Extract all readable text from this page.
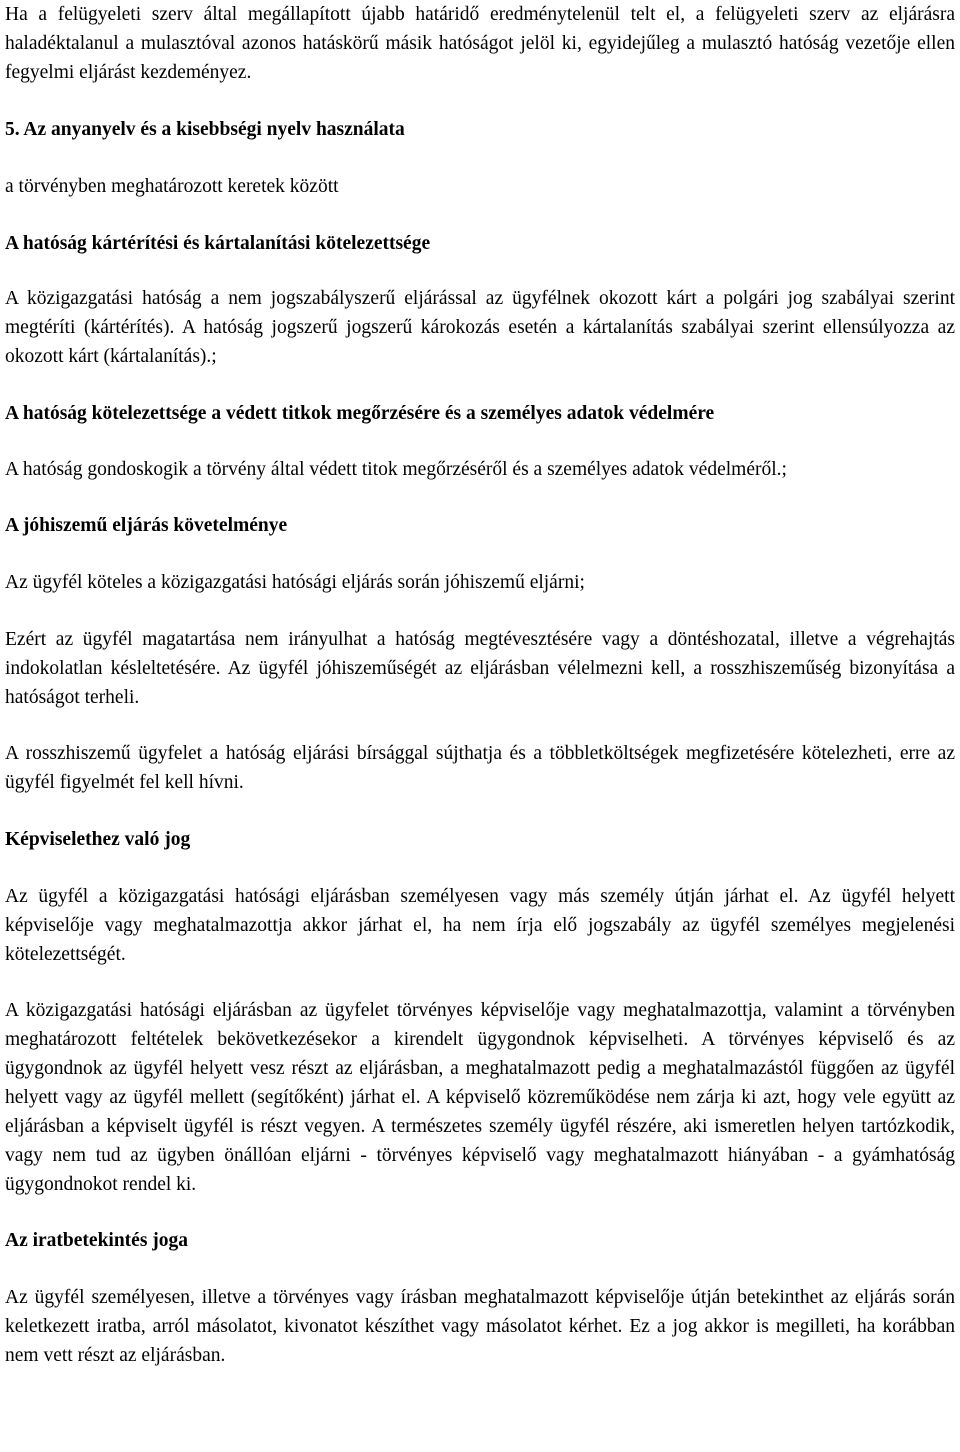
Ha a felügyeleti szerv által megállapított újabb határidő eredménytelenül telt el, a felügyeleti szerv az eljárásra haladéktalanul a mulasztóval azonos hatáskörű másik hatóságot jelöl ki, egyidejűleg a mulasztó hatóság vezetője ellen fegyelmi eljárást kezdeményez.

5. Az anyanyelv és a kisebbségi nyelv használata

a törvényben meghatározott keretek között

A hatóság kártérítési és kártalanítási kötelezettsége

A közigazgatási hatóság a nem jogszabályszerű eljárással az ügyfélnek okozott kárt a polgári jog szabályai szerint megtéríti (kártérítés). A hatóság jogszerű jogszerű károkozás esetén a kártalanítás szabályai szerint ellensúlyozza az okozott kárt (kártalanítás).;

A hatóság kötelezettsége a védett titkok megőrzésére és a személyes adatok védelmére

A hatóság gondoskogik a törvény által védett titok megőrzéséről és a személyes adatok védelméről.;

A jóhiszemű eljárás követelménye

Az ügyfél köteles a közigazgatási hatósági eljárás során jóhiszemű eljárni;

Ezért az ügyfél magatartása nem irányulhat a hatóság megtévesztésére vagy a döntéshozatal, illetve a végrehajtás indokolatlan késleltetésére. Az ügyfél jóhiszeműségét az eljárásban vélelmezni kell, a rosszhiszeműség bizonyítása a hatóságot terheli.

A rosszhiszemű ügyfelet a hatóság eljárási bírsággal sújthatja és a többletköltségek megfizetésére kötelezheti, erre az ügyfél figyelmét fel kell hívni.

Képviselethez való jog

Az ügyfél a közigazgatási hatósági eljárásban személyesen vagy más személy útján járhat el. Az ügyfél helyett képviselője vagy meghatalmazottja akkor járhat el, ha nem írja elő jogszabály az ügyfél személyes megjelenési kötelezettségét.

A közigazgatási hatósági eljárásban az ügyfelet törvényes képviselője vagy meghatalmazottja, valamint a törvényben meghatározott feltételek bekövetkezésekor a kirendelt ügygondnok képviselheti. A törvényes képviselő és az ügygondnok az ügyfél helyett vesz részt az eljárásban, a meghatalmazott pedig a meghatalmazástól függően az ügyfél helyett vagy az ügyfél mellett (segítőként) járhat el. A képviselő közreműködése nem zárja ki azt, hogy vele együtt az eljárásban a képviselt ügyfél is részt vegyen. A természetes személy ügyfél részére, aki ismeretlen helyen tartózkodik, vagy nem tud az ügyben önállóan eljárni - törvényes képviselő vagy meghatalmazott hiányában - a gyámhatóság ügygondnokot rendel ki.

Az iratbetekintés joga

Az ügyfél személyesen, illetve a törvényes vagy írásban meghatalmazott képviselője útján betekinthet az eljárás során keletkezett iratba, arról másolatot, kivonatot készíthet vagy másolatot kérhet. Ez a jog akkor is megilleti, ha korábban nem vett részt az eljárásban.
